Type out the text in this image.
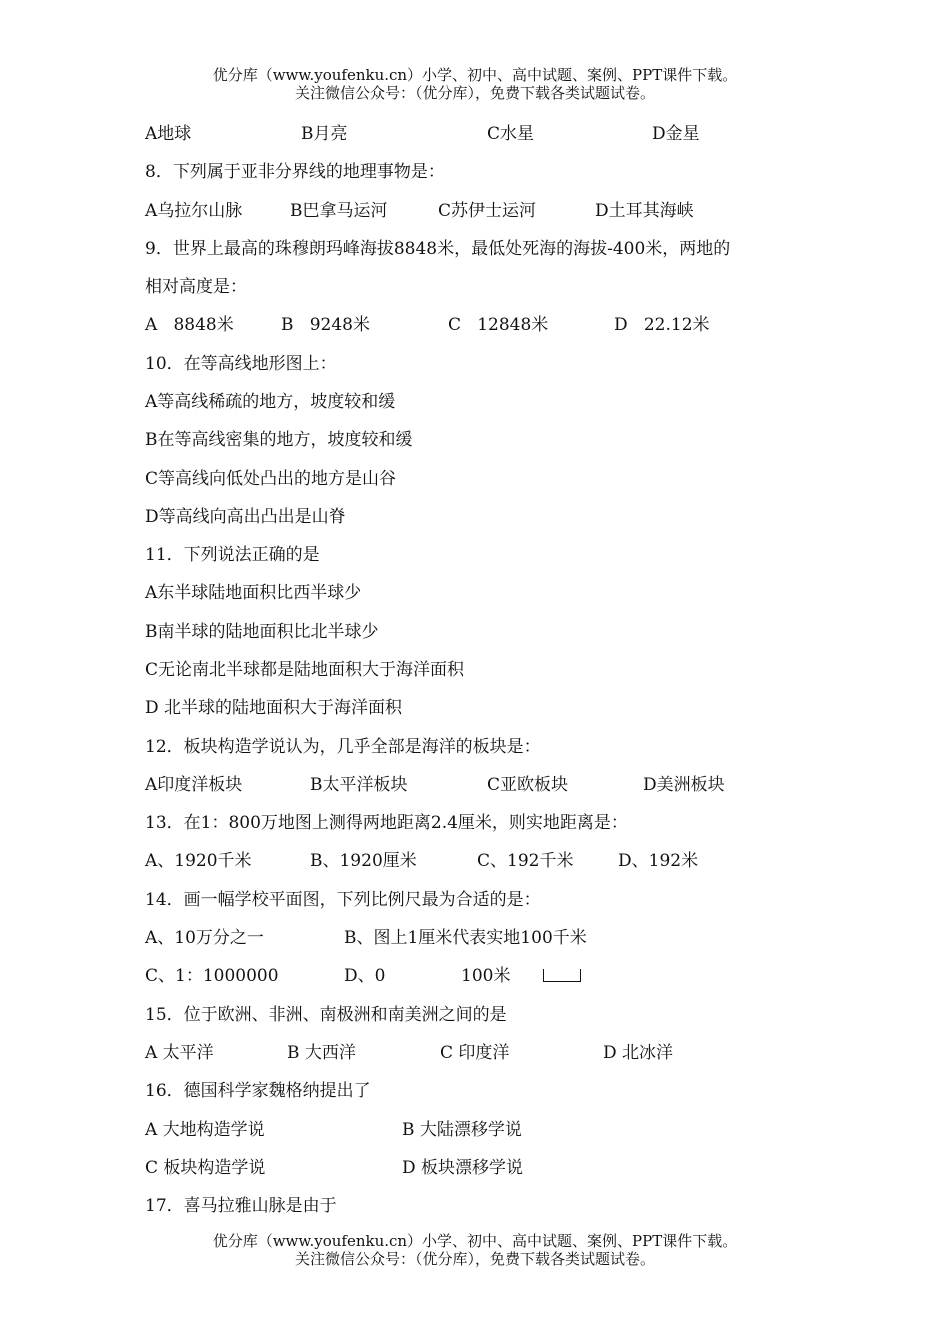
优分库（www.youfenku.cn）小学、初中、高中试题、案例、PPT课件下载。
关注微信公众号：（优分库），免费下载各类试题试卷。
A地球	B月亮	C水星	D金星
8．下列属于亚非分界线的地理事物是：
A乌拉尔山脉	B巴拿马运河	C苏伊士运河	D土耳其海峡
9．世界上最高的珠穆朗玛峰海拔8848米，最低处死海的海拔-400米，两地的
相对高度是：
A   8848米	B   9248米	C   12848米	D   22.12米
10．在等高线地形图上：
A等高线稀疏的地方，坡度较和缓
B在等高线密集的地方，坡度较和缓
C等高线向低处凸出的地方是山谷
D等高线向高出凸出是山脊
11．下列说法正确的是
A东半球陆地面积比西半球少
B南半球的陆地面积比北半球少
C无论南北半球都是陆地面积大于海洋面积
D 北半球的陆地面积大于海洋面积
12．板块构造学说认为，几乎全部是海洋的板块是：
A印度洋板块	B太平洋板块	C亚欧板块	D美洲板块
13．在1：800万地图上测得两地距离2.4厘米，则实地距离是：
A、1920千米	B、1920厘米	C、192千米	D、192米
14．画一幅学校平面图，下列比例尺最为合适的是：
A、10万分之一	B、图上1厘米代表实地100千米
C、1：1000000	D、0	100米
15．位于欧洲、非洲、南极洲和南美洲之间的是
A 太平洋	B 大西洋	C 印度洋	D 北冰洋
16．德国科学家魏格纳提出了
A 大地构造学说	B 大陆漂移学说
C 板块构造学说	D 板块漂移学说
17．喜马拉雅山脉是由于
优分库（www.youfenku.cn）小学、初中、高中试题、案例、PPT课件下载。
关注微信公众号：（优分库），免费下载各类试题试卷。
